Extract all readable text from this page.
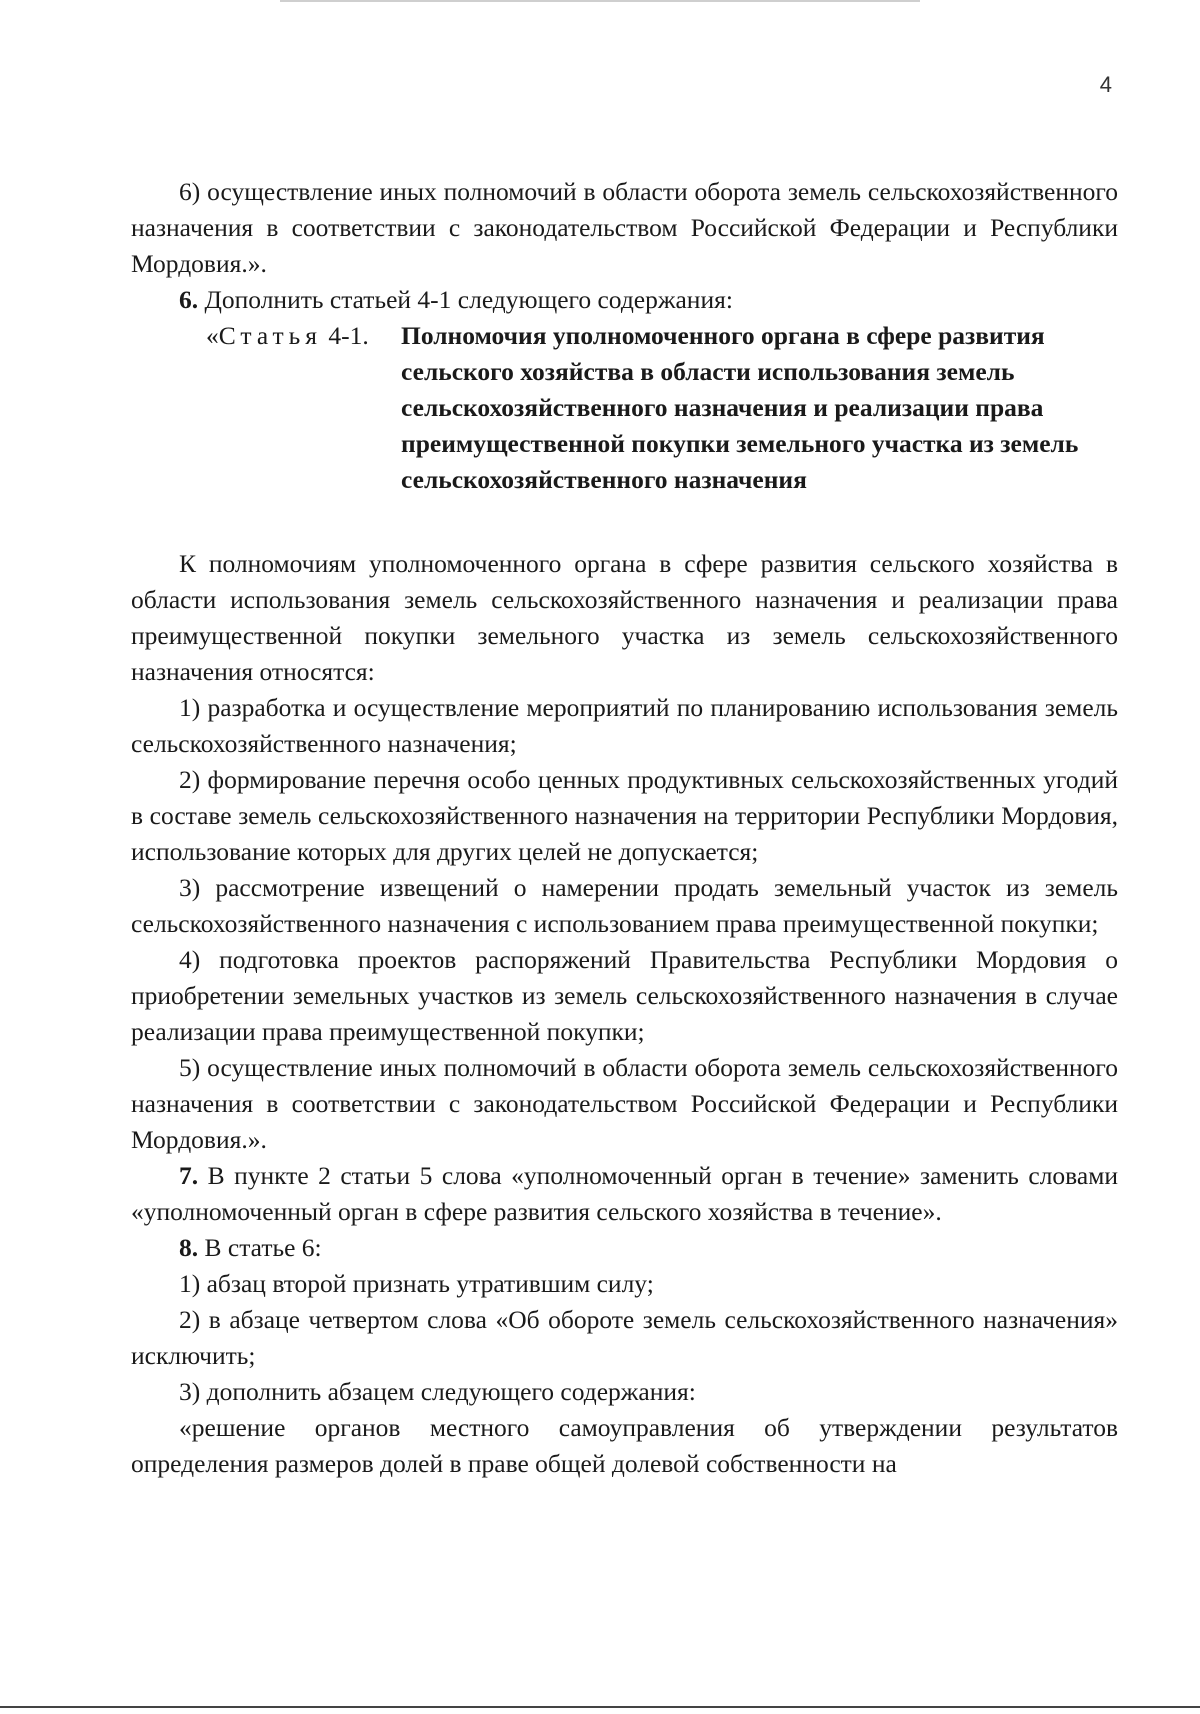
4

6) осуществление иных полномочий в области оборота земель сельскохозяйственного назначения в соответствии с законодательством Российской Федерации и Республики Мордовия.».

6. Дополнить статьей 4-1 следующего содержания:

«Статья 4-1. Полномочия уполномоченного органа в сфере развития сельского хозяйства в области использования земель сельскохозяйственного назначения и реализации права преимущественной покупки земельного участка из земель сельскохозяйственного назначения

К полномочиям уполномоченного органа в сфере развития сельского хозяйства в области использования земель сельскохозяйственного назначения и реализации права преимущественной покупки земельного участка из земель сельскохозяйственного назначения относятся:

1) разработка и осуществление мероприятий по планированию использования земель сельскохозяйственного назначения;

2) формирование перечня особо ценных продуктивных сельскохозяйственных угодий в составе земель сельскохозяйственного назначения на территории Республики Мордовия, использование которых для других целей не допускается;

3) рассмотрение извещений о намерении продать земельный участок из земель сельскохозяйственного назначения с использованием права преимущественной покупки;

4) подготовка проектов распоряжений Правительства Республики Мордовия о приобретении земельных участков из земель сельскохозяйственного назначения в случае реализации права преимущественной покупки;

5) осуществление иных полномочий в области оборота земель сельскохозяйственного назначения в соответствии с законодательством Российской Федерации и Республики Мордовия.».

7. В пункте 2 статьи 5 слова «уполномоченный орган в течение» заменить словами «уполномоченный орган в сфере развития сельского хозяйства в течение».

8. В статье 6:

1) абзац второй признать утратившим силу;

2) в абзаце четвертом слова «Об обороте земель сельскохозяйственного назначения» исключить;

3) дополнить абзацем следующего содержания:

«решение органов местного самоуправления об утверждении результатов определения размеров долей в праве общей долевой собственности на
